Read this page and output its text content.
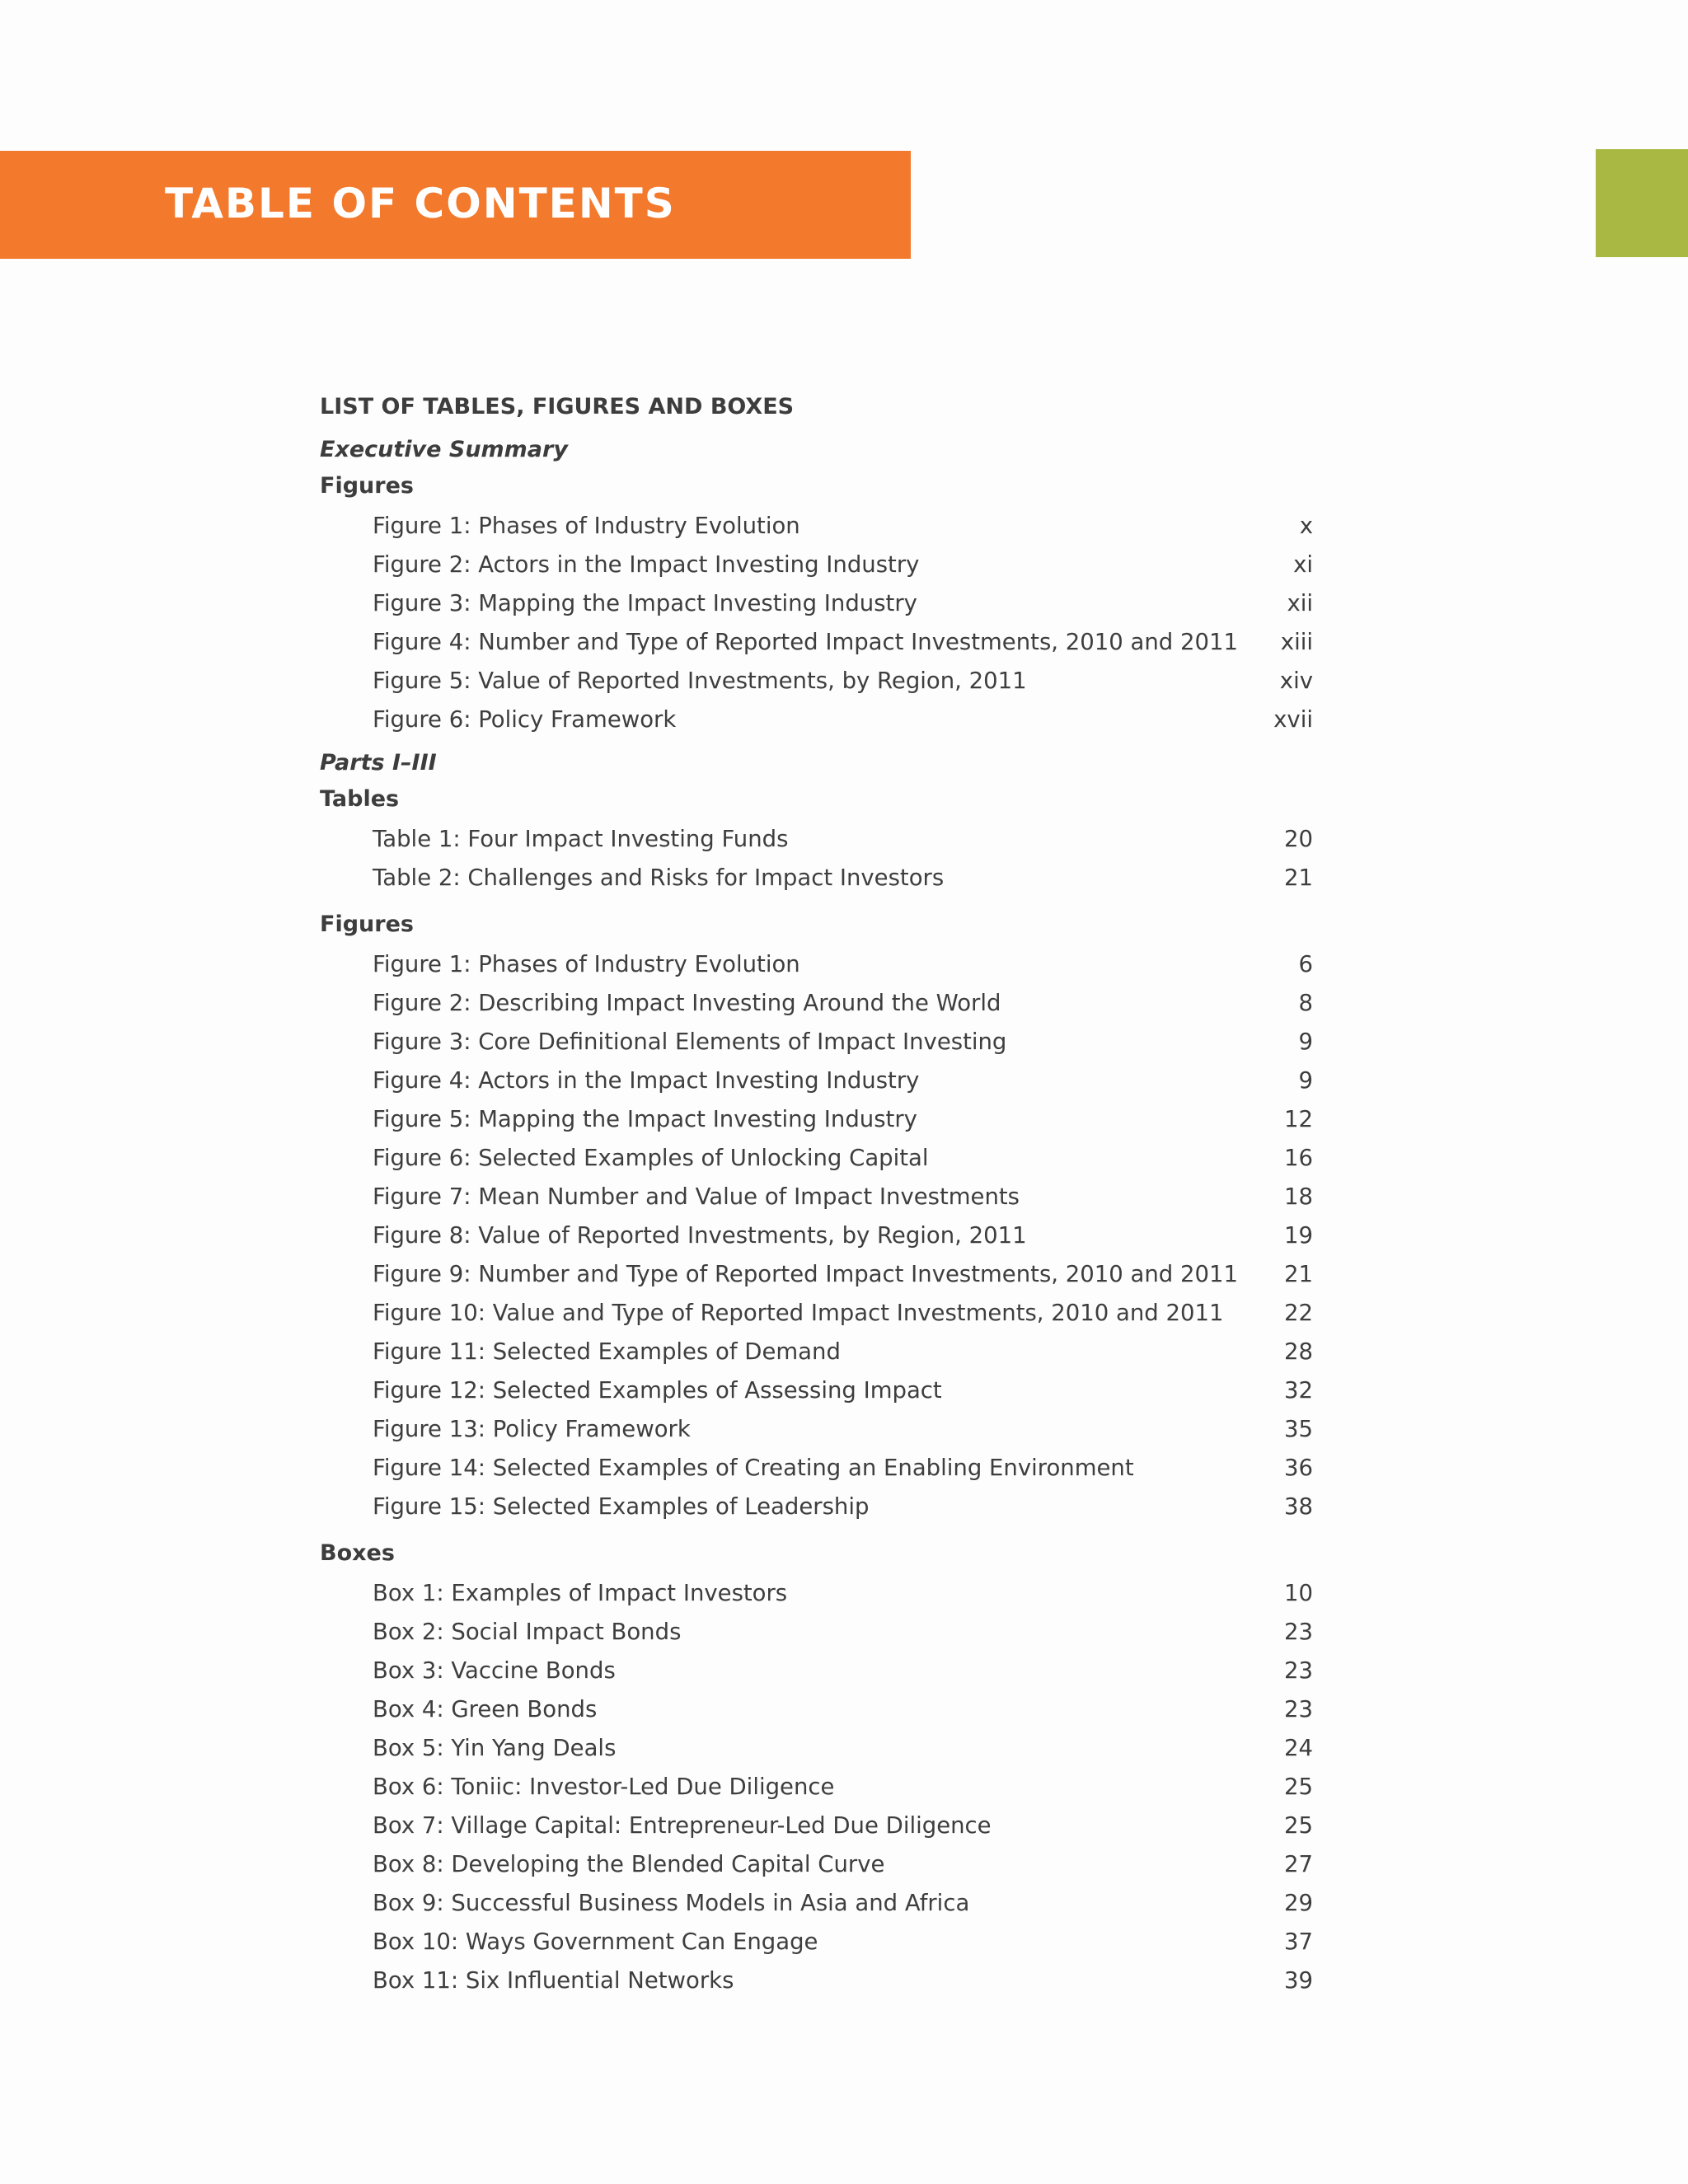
TABLE OF CONTENTS
LIST OF TABLES, FIGURES AND BOXES
Executive Summary
Figures
Figure 1: Phases of Industry Evolution	x
Figure 2: Actors in the Impact Investing Industry	xi
Figure 3: Mapping the Impact Investing Industry	xii
Figure 4: Number and Type of Reported Impact Investments, 2010 and 2011	xiii
Figure 5: Value of Reported Investments, by Region, 2011	xiv
Figure 6: Policy Framework	xvii
Parts I–III
Tables
Table 1: Four Impact Investing Funds	20
Table 2: Challenges and Risks for Impact Investors	21
Figures
Figure 1: Phases of Industry Evolution	6
Figure 2: Describing Impact Investing Around the World	8
Figure 3: Core Definitional Elements of Impact Investing	9
Figure 4: Actors in the Impact Investing Industry	9
Figure 5: Mapping the Impact Investing Industry	12
Figure 6: Selected Examples of Unlocking Capital	16
Figure 7: Mean Number and Value of Impact Investments	18
Figure 8: Value of Reported Investments, by Region, 2011	19
Figure 9: Number and Type of Reported Impact Investments, 2010 and 2011	21
Figure 10: Value and Type of Reported Impact Investments, 2010 and 2011	22
Figure 11: Selected Examples of Demand	28
Figure 12: Selected Examples of Assessing Impact	32
Figure 13: Policy Framework	35
Figure 14: Selected Examples of Creating an Enabling Environment	36
Figure 15: Selected Examples of Leadership	38
Boxes
Box 1: Examples of Impact Investors	10
Box 2: Social Impact Bonds	23
Box 3: Vaccine Bonds	23
Box 4: Green Bonds	23
Box 5: Yin Yang Deals	24
Box 6: Toniic: Investor-Led Due Diligence	25
Box 7: Village Capital: Entrepreneur-Led Due Diligence	25
Box 8: Developing the Blended Capital Curve	27
Box 9: Successful Business Models in Asia and Africa	29
Box 10: Ways Government Can Engage	37
Box 11: Six Influential Networks	39
